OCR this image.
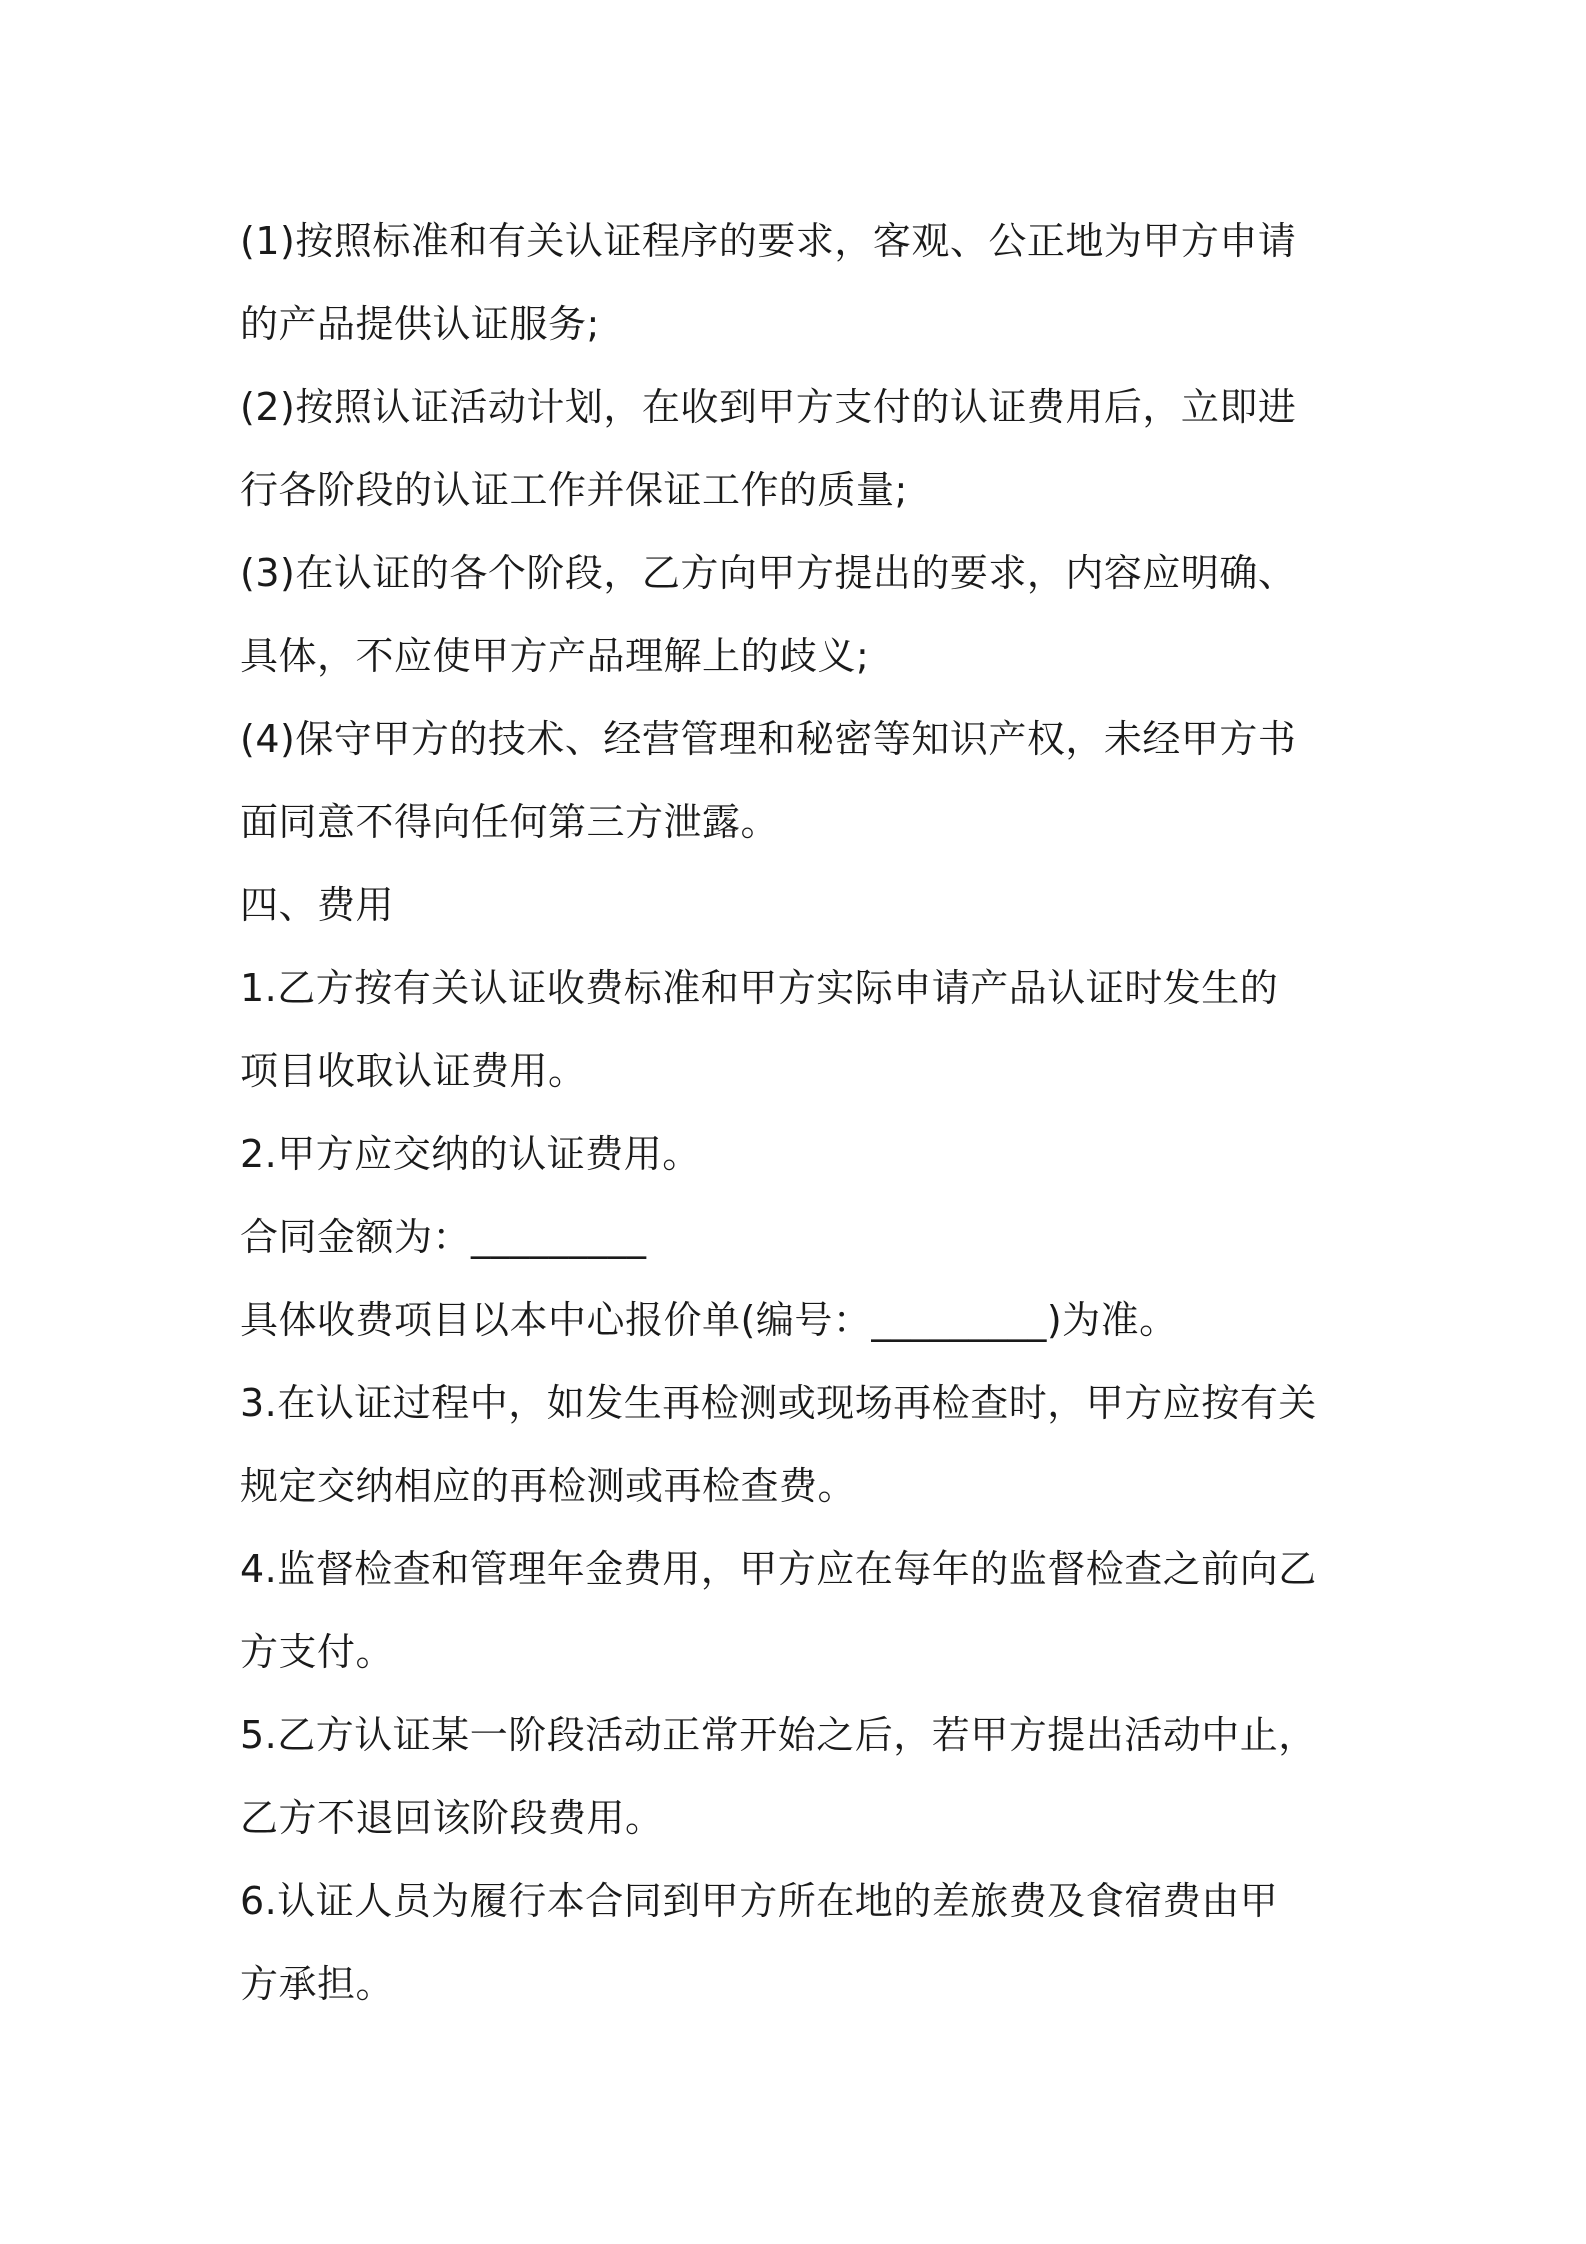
(1)按照标准和有关认证程序的要求，客观、公正地为甲方申请
的产品提供认证服务;
(2)按照认证活动计划，在收到甲方支付的认证费用后，立即进
行各阶段的认证工作并保证工作的质量;
(3)在认证的各个阶段，乙方向甲方提出的要求，内容应明确、
具体，不应使甲方产品理解上的歧义;
(4)保守甲方的技术、经营管理和秘密等知识产权，未经甲方书
面同意不得向任何第三方泄露。
四、费用
1.乙方按有关认证收费标准和甲方实际申请产品认证时发生的
项目收取认证费用。
2.甲方应交纳的认证费用。
合同金额为：_________
具体收费项目以本中心报价单(编号：_________)为准。
3.在认证过程中，如发生再检测或现场再检查时，甲方应按有关
规定交纳相应的再检测或再检查费。
4.监督检查和管理年金费用，甲方应在每年的监督检查之前向乙
方支付。
5.乙方认证某一阶段活动正常开始之后，若甲方提出活动中止，
乙方不退回该阶段费用。
6.认证人员为履行本合同到甲方所在地的差旅费及食宿费由甲
方承担。
